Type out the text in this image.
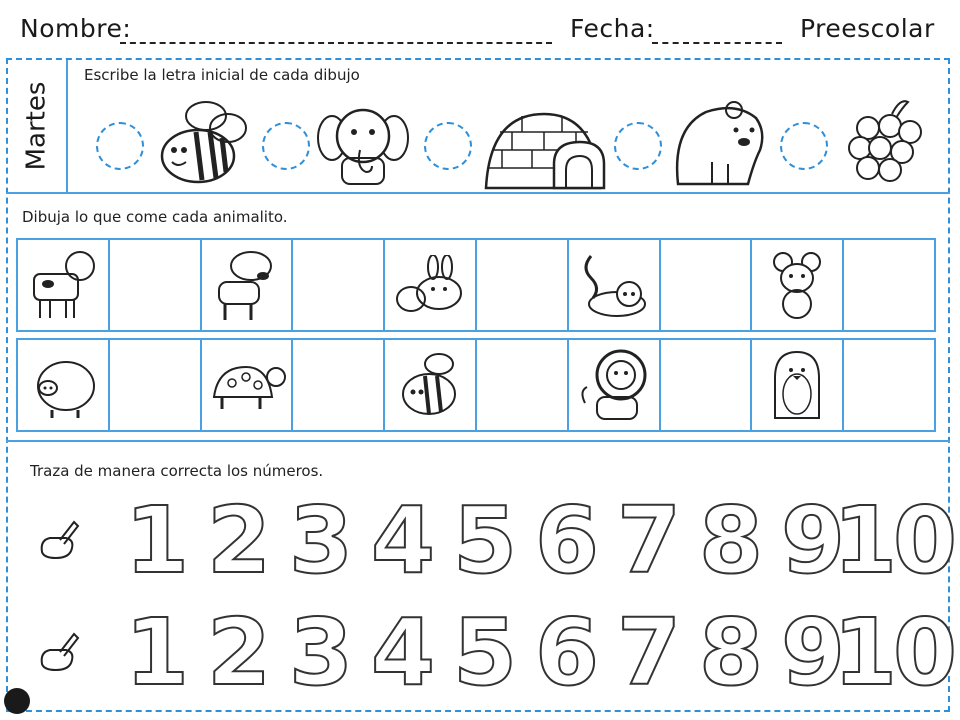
Nombre:	Fecha:	Preescolar
Martes
Escribe la letra inicial de cada dibujo
Dibuja lo que come cada animalito.
Traza de manera correcta los números.
1 2 3 4 5 6 7 8 9
10
1 2 3 4 5 6 7 8 9
10
